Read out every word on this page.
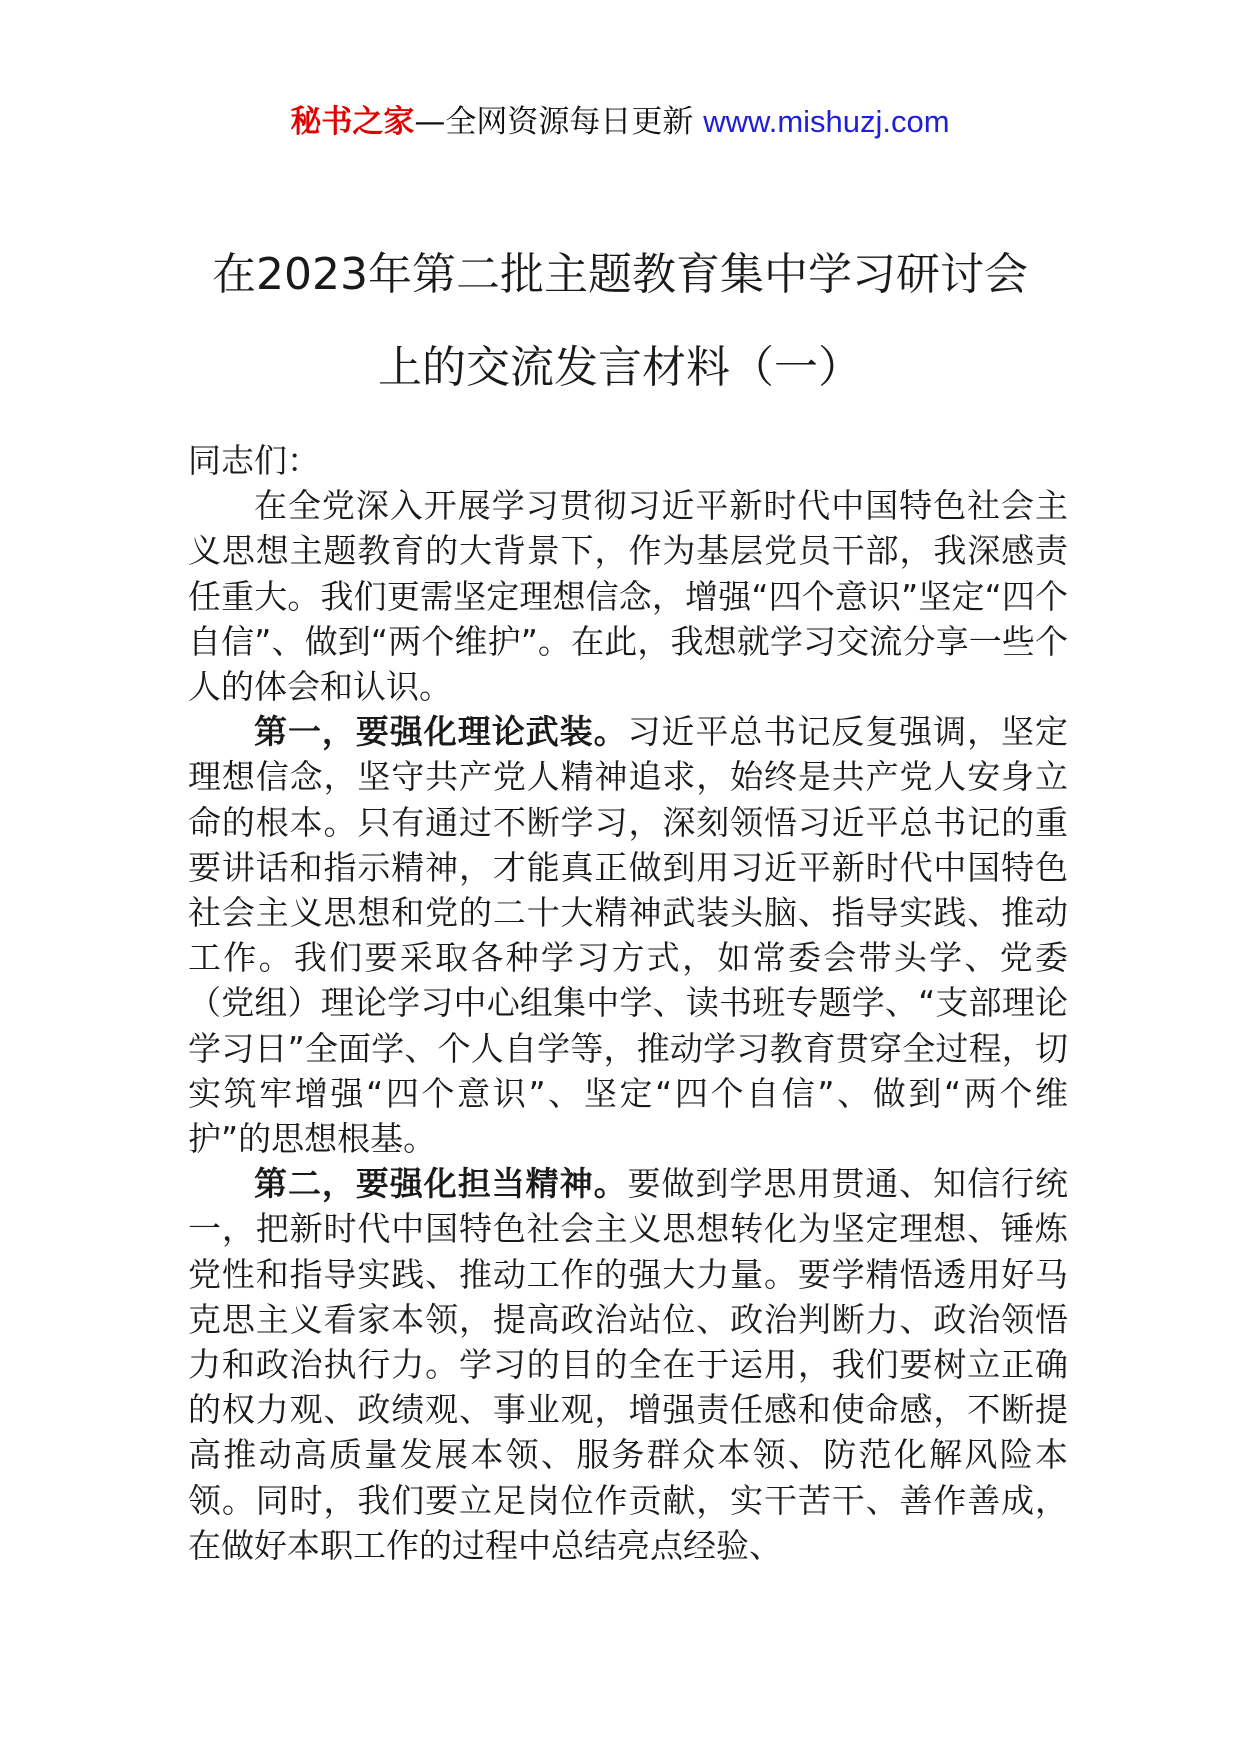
秘书之家—全网资源每日更新 www.mishuzj.com
在2023年第二批主题教育集中学习研讨会
上的交流发言材料（一）

同志们：

在全党深入开展学习贯彻习近平新时代中国特色社会主义思想主题教育的大背景下，作为基层党员干部，我深感责任重大。我们更需坚定理想信念，增强“四个意识”坚定“四个自信”、做到“两个维护”。在此，我想就学习交流分享一些个人的体会和认识。

第一，要强化理论武装。习近平总书记反复强调，坚定理想信念，坚守共产党人精神追求，始终是共产党人安身立命的根本。只有通过不断学习，深刻领悟习近平总书记的重要讲话和指示精神，才能真正做到用习近平新时代中国特色社会主义思想和党的二十大精神武装头脑、指导实践、推动工作。我们要采取各种学习方式，如常委会带头学、党委（党组）理论学习中心组集中学、读书班专题学、“支部理论学习日”全面学、个人自学等，推动学习教育贯穿全过程，切实筑牢增强“四个意识”、坚定“四个自信”、做到“两个维护”的思想根基。

第二，要强化担当精神。要做到学思用贯通、知信行统一，把新时代中国特色社会主义思想转化为坚定理想、锤炼党性和指导实践、推动工作的强大力量。要学精悟透用好马克思主义看家本领，提高政治站位、政治判断力、政治领悟力和政治执行力。学习的目的全在于运用，我们要树立正确的权力观、政绩观、事业观，增强责任感和使命感，不断提高推动高质量发展本领、服务群众本领、防范化解风险本领。同时，我们要立足岗位作贡献，实干苦干、善作善成，在做好本职工作的过程中总结亮点经验、
